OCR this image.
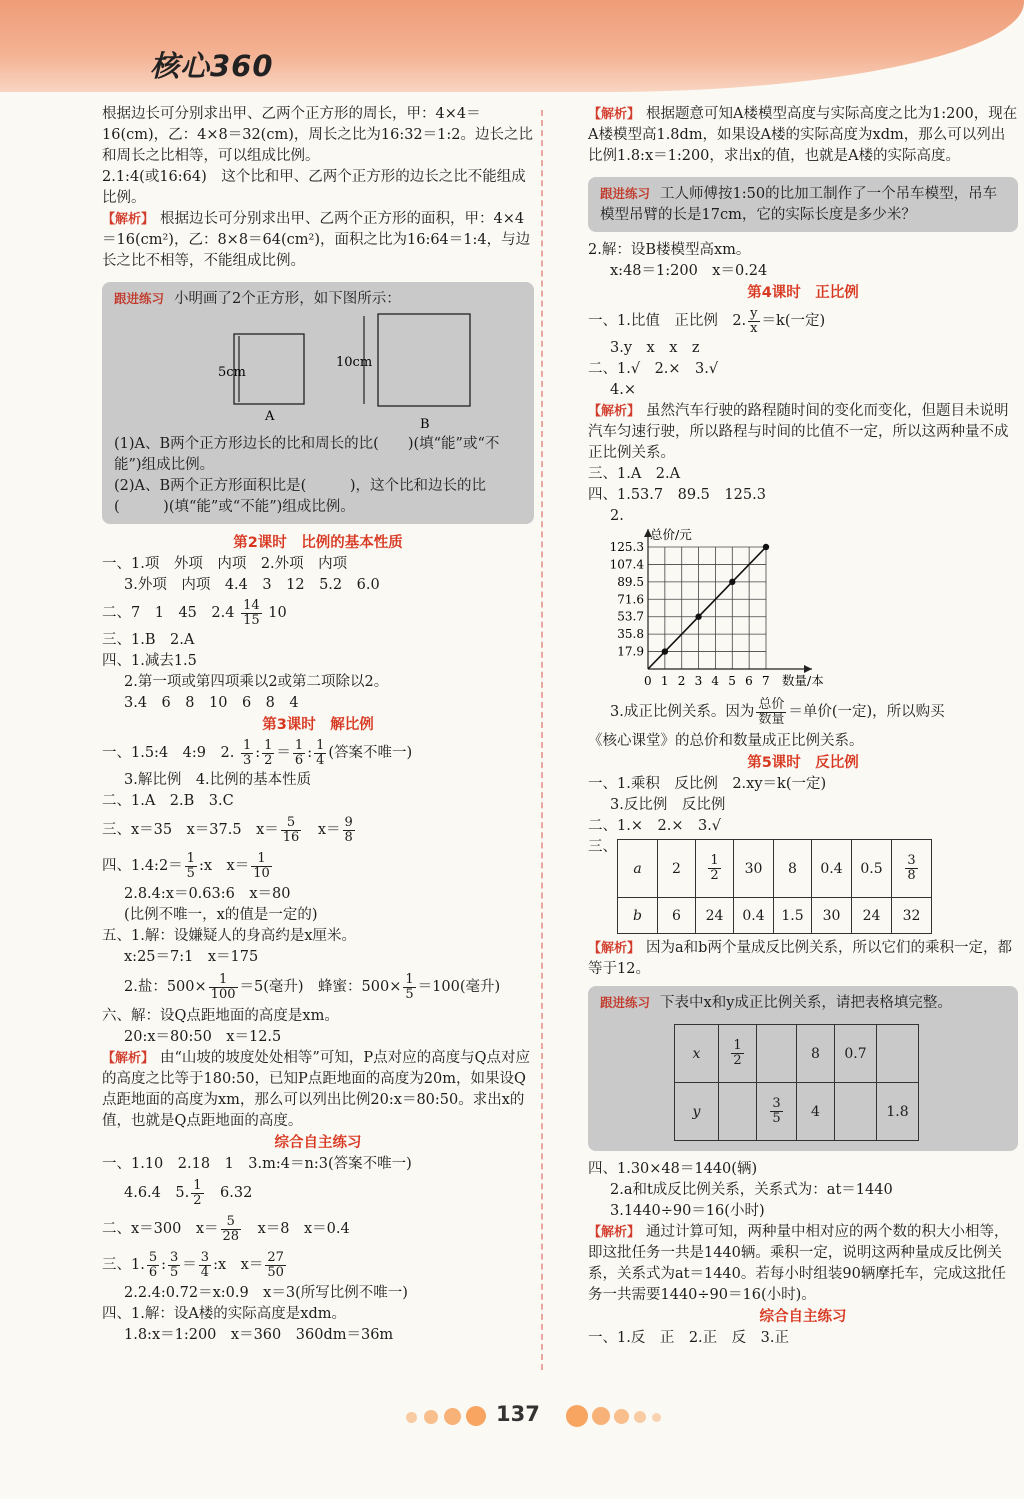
核心360
根据边长可分别求出甲、乙两个正方形的周长，甲：4×4＝16(cm)，乙：4×8＝32(cm)，周长之比为16:32＝1:2。边长之比和周长之比相等，可以组成比例。
2.1:4(或16:64)　这个比和甲、乙两个正方形的边长之比不能组成比例。
【解析】 根据边长可分别求出甲、乙两个正方形的面积，甲：4×4＝16(cm²)，乙：8×8＝64(cm²)，面积之比为16:64＝1:4，与边长之比不相等，不能组成比例。
跟进练习 小明画了2个正方形，如下图所示：
5cm
10cm
A
B
(1)A、B两个正方形边长的比和周长的比(　　)(填“能”或“不能”)组成比例。
(2)A、B两个正方形面积比是(　　　)，这个比和边长的比(　　　)(填“能”或“不能”)组成比例。
第2课时　比例的基本性质
一、1.项　外项　内项　2.外项　内项
3.外项　内项　4.4　3　12　5.2　6.0
二、7　1　45　$2.4 \frac{14}{15} 10$
三、1.B　2.A
四、1.减去1.5
2.第一项或第四项乘以2或第二项除以2。
3.4　6　8　10　6　8　4
第3课时　解比例
一、1.5:4　4:9　2. $\frac{1}{3}$ : $\frac{1}{2} = \frac{1}{6}$ : $\frac{1}{4}$ (答案不唯一)
3.解比例　4.比例的基本性质
二、1.A　2.B　3.C
三、x＝35　x＝37.5　$x= \frac{5}{16}$ 　$x= \frac{9}{8}$
四、1.4:2＝ $\frac{1}{5}$ :x　$x= \frac{1}{10}$
2.8.4:x＝0.63:6　x＝80
(比例不唯一，x的值是一定的)
五、1.解：设嫌疑人的身高约是x厘米。
x:25＝7:1　x＝175
2.盐：$500\times \frac{1}{100} =5$(毫升)　蜂蜜：$500\times \frac{1}{5} =100$(毫升)
六、解：设Q点距地面的高度是xm。
20:x＝80:50　x＝12.5
【解析】 由“山坡的坡度处处相等”可知，P点对应的高度与Q点对应的高度之比等于180:50，已知P点距地面的高度为20m，如果设Q点距地面的高度为xm，那么可以列出比例20:x＝80:50。求出x的值，也就是Q点距地面的高度。
综合自主练习
一、1.10　2.18　1　3.m:4＝n:3(答案不唯一)
4.6.4　5. $\frac{1}{2}$
　 6.32
二、x＝300　$x= \frac{5}{28}$
　 x＝8　x＝0.4
三、1. $\frac{5}{6}$ : $\frac{3}{5} = \frac{3}{4}$ :x　$x= \frac{27}{50}$
2.2.4:0.72＝x:0.9　x＝3(所写比例不唯一)
四、1.解：设A楼的实际高度是xdm。
1.8:x＝1:200　x＝360　360dm＝36m
【解析】 根据题意可知A楼模型高度与实际高度之比为1:200，现在A楼模型高1.8dm，如果设A楼的实际高度为xdm，那么可以列出比例1.8:x＝1:200，求出x的值，也就是A楼的实际高度。
跟进练习 工人师傅按1:50的比加工制作了一个吊车模型，吊车模型吊臂的长是17cm，它的实际长度是多少米？
2.解：设B楼模型高xm。
x:48＝1:200　x＝0.24
第4课时　正比例
一、1.比值　正比例　2. $\frac{y}{x} =k$(一定)
3.y　x　x　z
二、1.√　2.×　3.√
4.×
【解析】 虽然汽车行驶的路程随时间的变化而变化，但题目未说明汽车匀速行驶，所以路程与时间的比值不一定，所以这两种量不成正比例关系。
三、1.A　2.A
四、1.53.7　89.5　125.3
2.
0 1 2 3 4 5 6 7
17.9
35.8
53.7
71.6
89.5
107.4
125.3
总价/元
数量/本
3.成正比例关系。因为 $\frac{\text{总价}}{\text{数量}}$ ＝单价(一定)，所以购买
《核心课堂》的总价和数量成正比例关系。
第5课时　反比例
一、1.乘积　反比例　2.xy＝k(一定)
3.反比例　反比例
二、1.×　2.×　3.√
三、
a	2	$\frac{1}{2}$	30	8	0.4	0.5	$\frac{3}{8}$

b	6	24	0.4	1.5	30	24	32
【解析】 因为a和b两个量成反比例关系，所以它们的乘积一定，都等于12。
跟进练习 下表中x和y成正比例关系，请把表格填完整。
x	$\frac{1}{2}$		8	0.7	
y		$\frac{3}{5}$	4		1.8
四、1.30×48＝1440(辆)
2.a和t成反比例关系，关系式为：at＝1440
3.1440÷90＝16(小时)
【解析】 通过计算可知，两种量中相对应的两个数的积大小相等，即这批任务一共是1440辆。乘积一定，说明这两种量成反比例关系，关系式为at＝1440。若每小时组装90辆摩托车，完成这批任务一共需要1440÷90＝16(小时)。
综合自主练习
一、1.反　正　2.正　反　3.正
137
